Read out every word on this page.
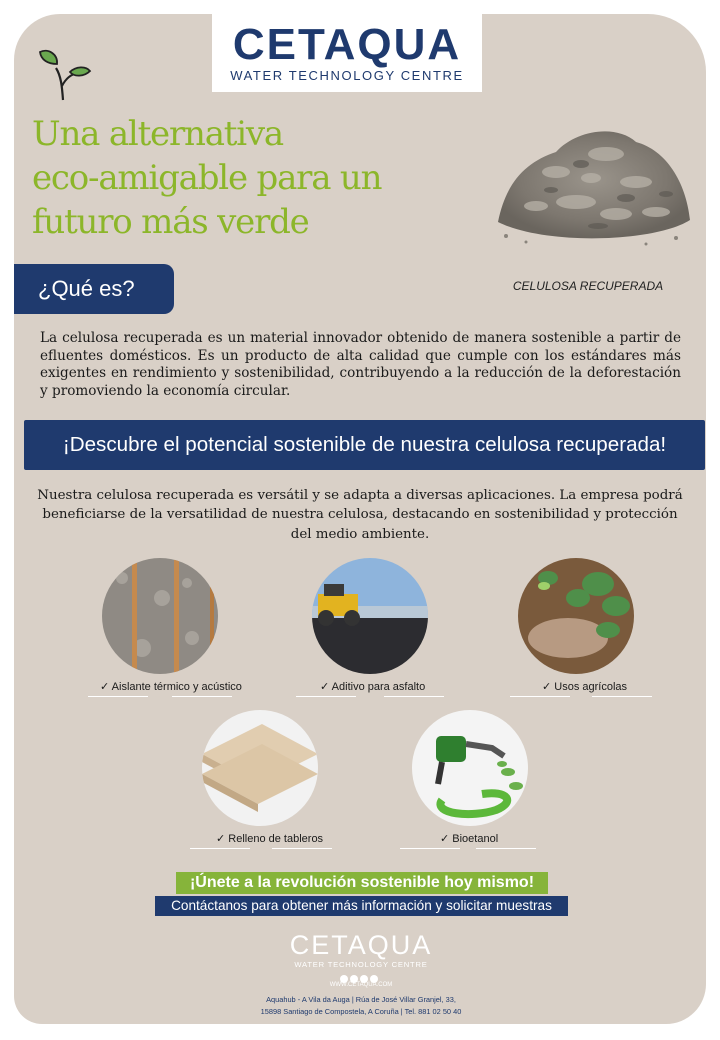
CETAQUA
WATER TECHNOLOGY CENTRE
Una alternativa
eco-amigable para un
futuro más verde
CELULOSA RECUPERADA
¿Qué es?
La celulosa recuperada es un material innovador obtenido de manera sostenible a partir de efluentes domésticos. Es un producto de alta calidad que cumple con los estándares más exigentes en rendimiento y sostenibilidad, contribuyendo a la reducción de la deforestación y promoviendo la economía circular.
¡Descubre el potencial sostenible de nuestra celulosa recuperada!
Nuestra celulosa recuperada es versátil y se adapta a diversas aplicaciones. La empresa podrá beneficiarse de la versatilidad de nuestra celulosa, destacando en sostenibilidad y protección del medio ambiente.
✓ Aislante térmico y acústico	✓ Aditivo para asfalto	✓ Usos agrícolas
✓ Relleno de tableros	✓ Bioetanol
¡Únete a la revolución sostenible hoy mismo!
Contáctanos para obtener más información y solicitar muestras
CETAQUA
WATER TECHNOLOGY CENTRE
WWW.CETAQUA.COM
Aquahub - A Vila da Auga | Rúa de José Villar Granjel, 33,
15898 Santiago de Compostela, A Coruña | Tel. 881 02 50 40
